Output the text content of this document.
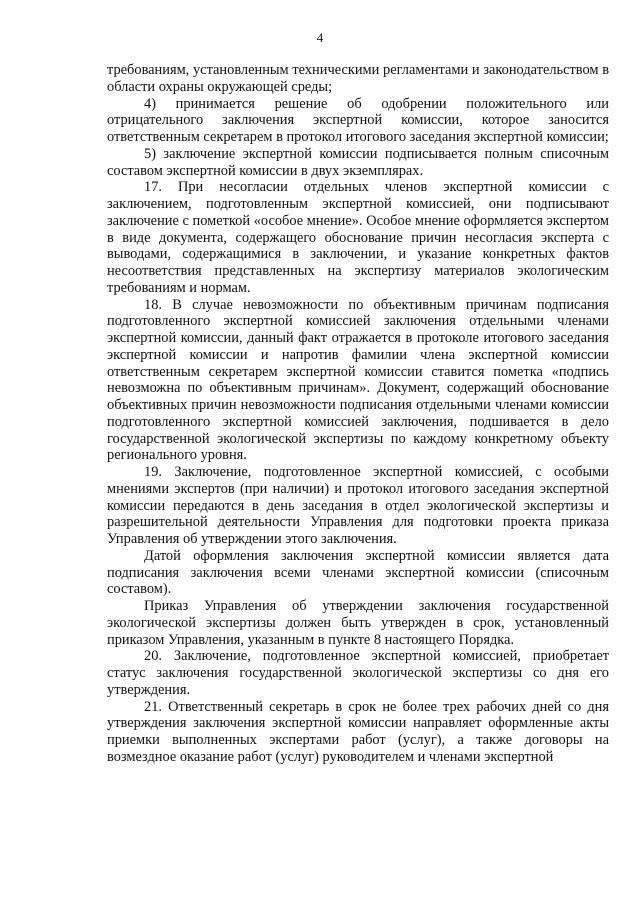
4

требованиям, установленным техническими регламентами и законодательством в области охраны окружающей среды;

4) принимается решение об одобрении положительного или отрицательного заключения экспертной комиссии, которое заносится ответственным секретарем в протокол итогового заседания экспертной комиссии;

5) заключение экспертной комиссии подписывается полным списочным составом экспертной комиссии в двух экземплярах.

17. При несогласии отдельных членов экспертной комиссии с заключением, подготовленным экспертной комиссией, они подписывают заключение с пометкой «особое мнение». Особое мнение оформляется экспертом в виде документа, содержащего обоснование причин несогласия эксперта с выводами, содержащимися в заключении, и указание конкретных фактов несоответствия представленных на экспертизу материалов экологическим требованиям и нормам.

18. В случае невозможности по объективным причинам подписания подготовленного экспертной комиссией заключения отдельными членами экспертной комиссии, данный факт отражается в протоколе итогового заседания экспертной комиссии и напротив фамилии члена экспертной комиссии ответственным секретарем экспертной комиссии ставится пометка «подпись невозможна по объективным причинам». Документ, содержащий обоснование объективных причин невозможности подписания отдельными членами комиссии подготовленного экспертной комиссией заключения, подшивается в дело государственной экологической экспертизы по каждому конкретному объекту регионального уровня.

19. Заключение, подготовленное экспертной комиссией, с особыми мнениями экспертов (при наличии) и протокол итогового заседания экспертной комиссии передаются в день заседания в отдел экологической экспертизы и разрешительной деятельности Управления для подготовки проекта приказа Управления об утверждении этого заключения.

Датой оформления заключения экспертной комиссии является дата подписания заключения всеми членами экспертной комиссии (списочным составом).

Приказ Управления об утверждении заключения государственной экологической экспертизы должен быть утвержден в срок, установленный приказом Управления, указанным в пункте 8 настоящего Порядка.

20. Заключение, подготовленное экспертной комиссией, приобретает статус заключения государственной экологической экспертизы со дня его утверждения.

21. Ответственный секретарь в срок не более трех рабочих дней со дня утверждения заключения экспертной комиссии направляет оформленные акты приемки выполненных экспертами работ (услуг), а также договоры на возмездное оказание работ (услуг) руководителем и членами экспертной
